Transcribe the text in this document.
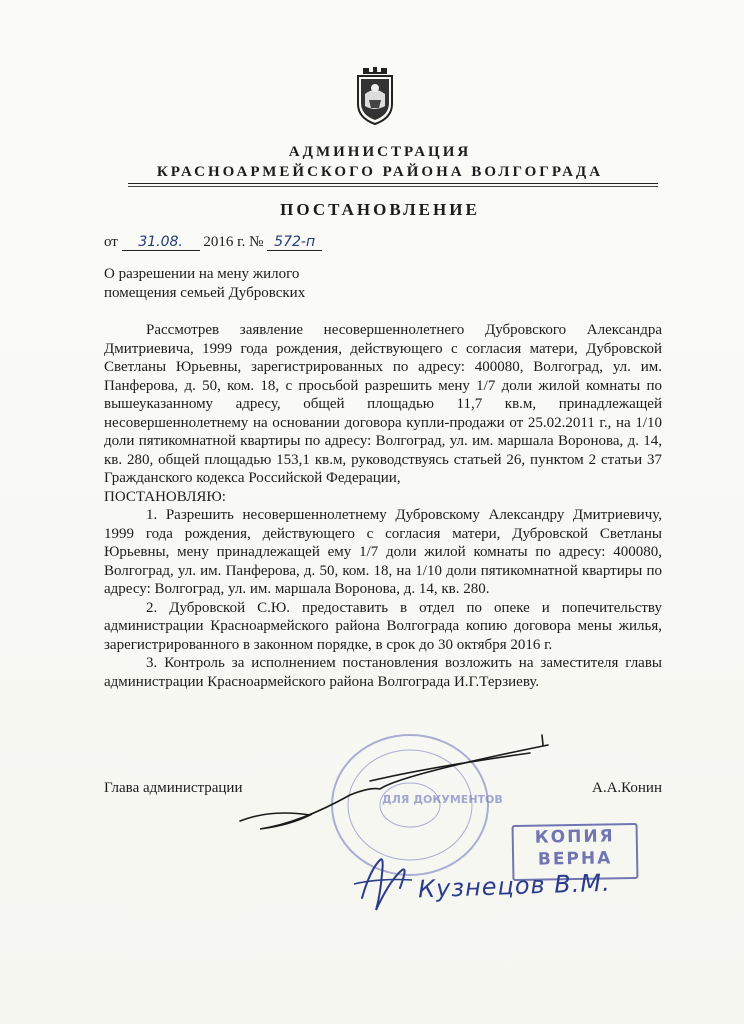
АДМИНИСТРАЦИЯ
КРАСНОАРМЕЙСКОГО РАЙОНА ВОЛГОГРАДА
ПОСТАНОВЛЕНИЕ
от 31.08. 2016 г. № 572-п
О разрешении на мену жилого
помещения семьей Дубровских

Рассмотрев заявление несовершеннолетнего Дубровского Александра Дмитриевича, 1999 года рождения, действующего с согласия матери, Дубровской Светланы Юрьевны, зарегистрированных по адресу: 400080, Волгоград, ул. им. Панферова, д. 50, ком. 18, с просьбой разрешить мену 1/7 доли жилой комнаты по вышеуказанному адресу, общей площадью 11,7 кв.м, принадлежащей несовершеннолетнему на основании договора купли-продажи от 25.02.2011 г., на 1/10 доли пятикомнатной квартиры по адресу: Волгоград, ул. им. маршала Воронова, д. 14, кв. 280, общей площадью 153,1 кв.м, руководствуясь статьей 26, пунктом 2 статьи 37 Гражданского кодекса Российской Федерации,

ПОСТАНОВЛЯЮ:

1. Разрешить несовершеннолетнему Дубровскому Александру Дмитриевичу, 1999 года рождения, действующего с согласия матери, Дубровской Светланы Юрьевны, мену принадлежащей ему 1/7 доли жилой комнаты по адресу: 400080, Волгоград, ул. им. Панферова, д. 50, ком. 18, на 1/10 доли пятикомнатной квартиры по адресу: Волгоград, ул. им. маршала Воронова, д. 14, кв. 280.

2. Дубровской С.Ю. предоставить в отдел по опеке и попечительству администрации Красноармейского района Волгограда копию договора мены жилья, зарегистрированного в законном порядке, в срок до 30 октября 2016 г.

3. Контроль за исполнением постановления возложить на заместителя главы администрации Красноармейского района Волгограда И.Г.Терзиеву.

ДЛЯ ДОКУМЕНТОВ
Глава администрации	А.А.Конин
КОПИЯ
ВЕРНА
Кузнецов В.М.
